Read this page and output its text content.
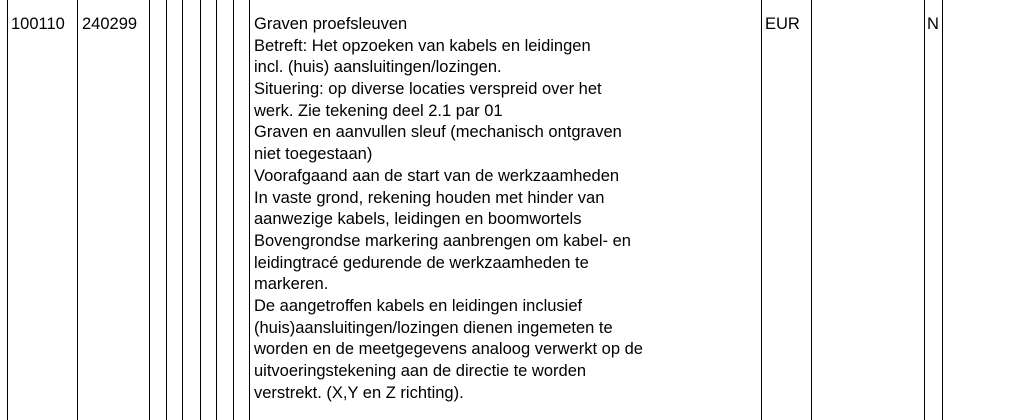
100110 240299	EUR	N
Graven proefsleuven
Betreft: Het opzoeken van kabels en leidingen
incl. (huis) aansluitingen/lozingen.
Situering: op diverse locaties verspreid over het
werk. Zie tekening deel 2.1 par 01
Graven en aanvullen sleuf (mechanisch ontgraven
niet toegestaan)
Voorafgaand aan de start van de werkzaamheden
In vaste grond, rekening houden met hinder van
aanwezige kabels, leidingen en boomwortels
Bovengrondse markering aanbrengen om kabel- en
leidingtracé gedurende de werkzaamheden te
markeren.
De aangetroffen kabels en leidingen inclusief
(huis)aansluitingen/lozingen dienen ingemeten te
worden en de meetgegevens analoog verwerkt op de
uitvoeringstekening aan de directie te worden
verstrekt. (X,Y en Z richting).
